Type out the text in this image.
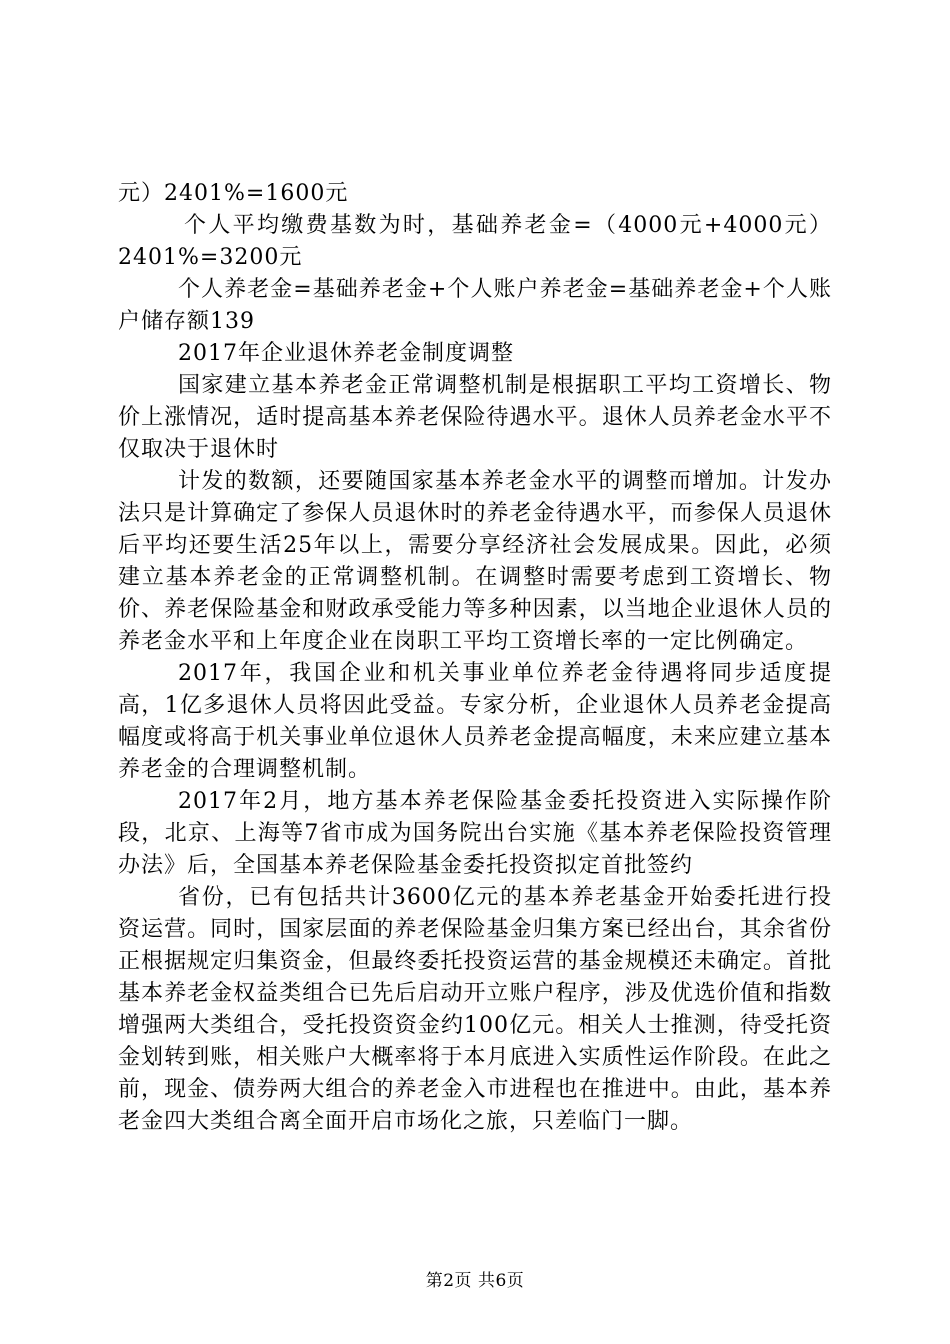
元）2401%=1600元

个人平均缴费基数为时，基础养老金=（4000元+4000元）2401%=3200元

个人养老金=基础养老金+个人账户养老金=基础养老金+个人账户储存额139

2017年企业退休养老金制度调整

国家建立基本养老金正常调整机制是根据职工平均工资增长、物价上涨情况，适时提高基本养老保险待遇水平。退休人员养老金水平不仅取决于退休时

计发的数额，还要随国家基本养老金水平的调整而增加。计发办法只是计算确定了参保人员退休时的养老金待遇水平，而参保人员退休后平均还要生活25年以上，需要分享经济社会发展成果。因此，必须建立基本养老金的正常调整机制。在调整时需要考虑到工资增长、物价、养老保险基金和财政承受能力等多种因素，以当地企业退休人员的养老金水平和上年度企业在岗职工平均工资增长率的一定比例确定。

2017年，我国企业和机关事业单位养老金待遇将同步适度提高，1亿多退休人员将因此受益。专家分析，企业退休人员养老金提高幅度或将高于机关事业单位退休人员养老金提高幅度，未来应建立基本养老金的合理调整机制。

2017年2月，地方基本养老保险基金委托投资进入实际操作阶段，北京、上海等7省市成为国务院出台实施《基本养老保险投资管理办法》后，全国基本养老保险基金委托投资拟定首批签约

省份，已有包括共计3600亿元的基本养老基金开始委托进行投资运营。同时，国家层面的养老保险基金归集方案已经出台，其余省份正根据规定归集资金，但最终委托投资运营的基金规模还未确定。首批基本养老金权益类组合已先后启动开立账户程序，涉及优选价值和指数增强两大类组合，受托投资资金约100亿元。相关人士推测，待受托资金划转到账，相关账户大概率将于本月底进入实质性运作阶段。在此之前，现金、债券两大组合的养老金入市进程也在推进中。由此，基本养老金四大类组合离全面开启市场化之旅，只差临门一脚。

第2页 共6页
